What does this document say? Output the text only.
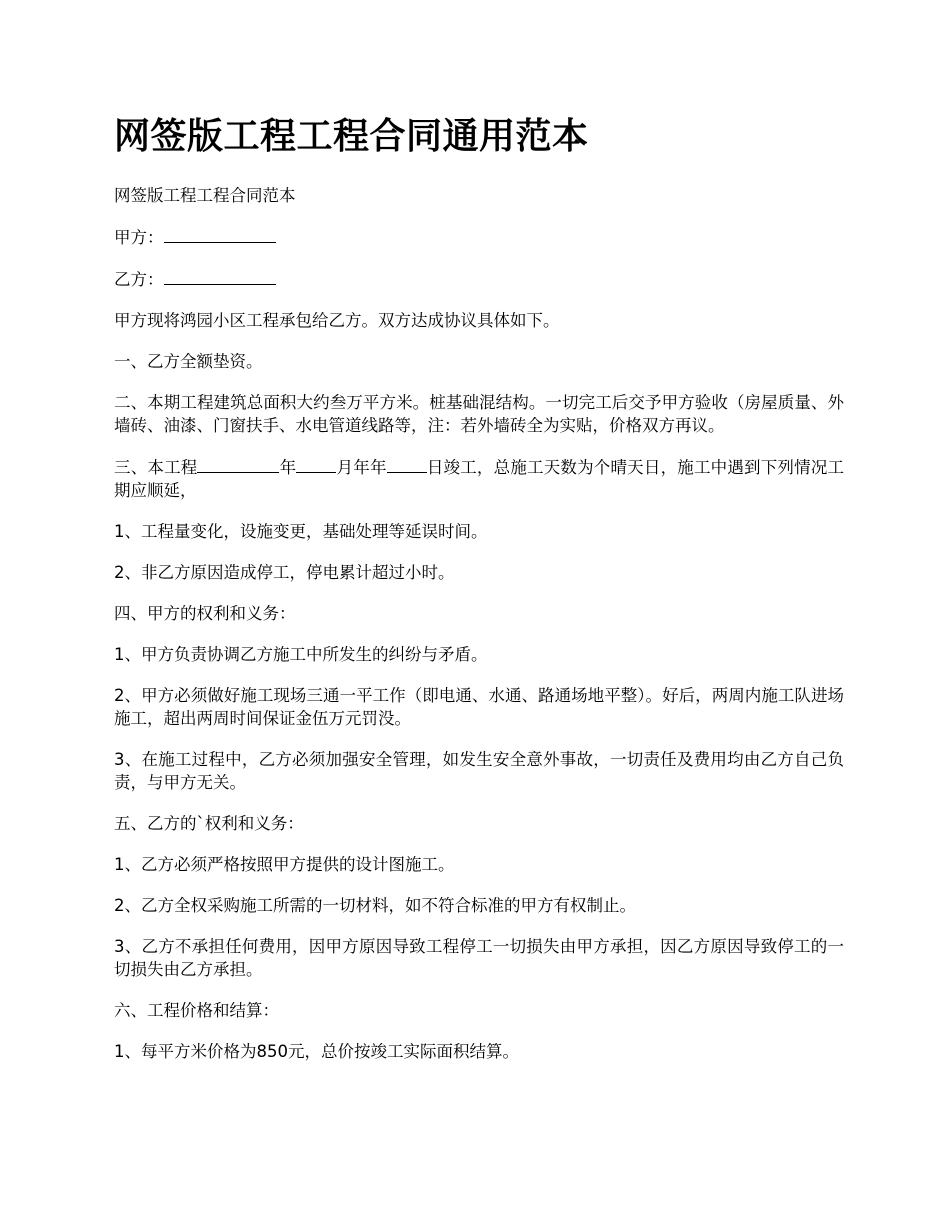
网签版工程工程合同通用范本

网签版工程工程合同范本

甲方：

乙方：

甲方现将鸿园小区工程承包给乙方。双方达成协议具体如下。

一、乙方全额垫资。

二、本期工程建筑总面积大约叁万平方米。桩基础混结构。一切完工后交予甲方验收（房屋质量、外墙砖、油漆、门窗扶手、水电管道线路等，注：若外墙砖全为实贴，价格双方再议。

三、本工程	年 月年年 日竣工，总施工天数为个晴天日，施工中遇到下列情况工期应顺延，

1、工程量变化，设施变更，基础处理等延误时间。

2、非乙方原因造成停工，停电累计超过小时。

四、甲方的权利和义务：

1、甲方负责协调乙方施工中所发生的纠纷与矛盾。

2、甲方必须做好施工现场三通一平工作（即电通、水通、路通场地平整）。好后，两周内施工队进场施工，超出两周时间保证金伍万元罚没。

3、在施工过程中，乙方必须加强安全管理，如发生安全意外事故，一切责任及费用均由乙方自己负责，与甲方无关。

五、乙方的`权利和义务：

1、乙方必须严格按照甲方提供的设计图施工。

2、乙方全权采购施工所需的一切材料，如不符合标准的甲方有权制止。

3、乙方不承担任何费用，因甲方原因导致工程停工一切损失由甲方承担，因乙方原因导致停工的一切损失由乙方承担。

六、工程价格和结算：

1、每平方米价格为850元，总价按竣工实际面积结算。
